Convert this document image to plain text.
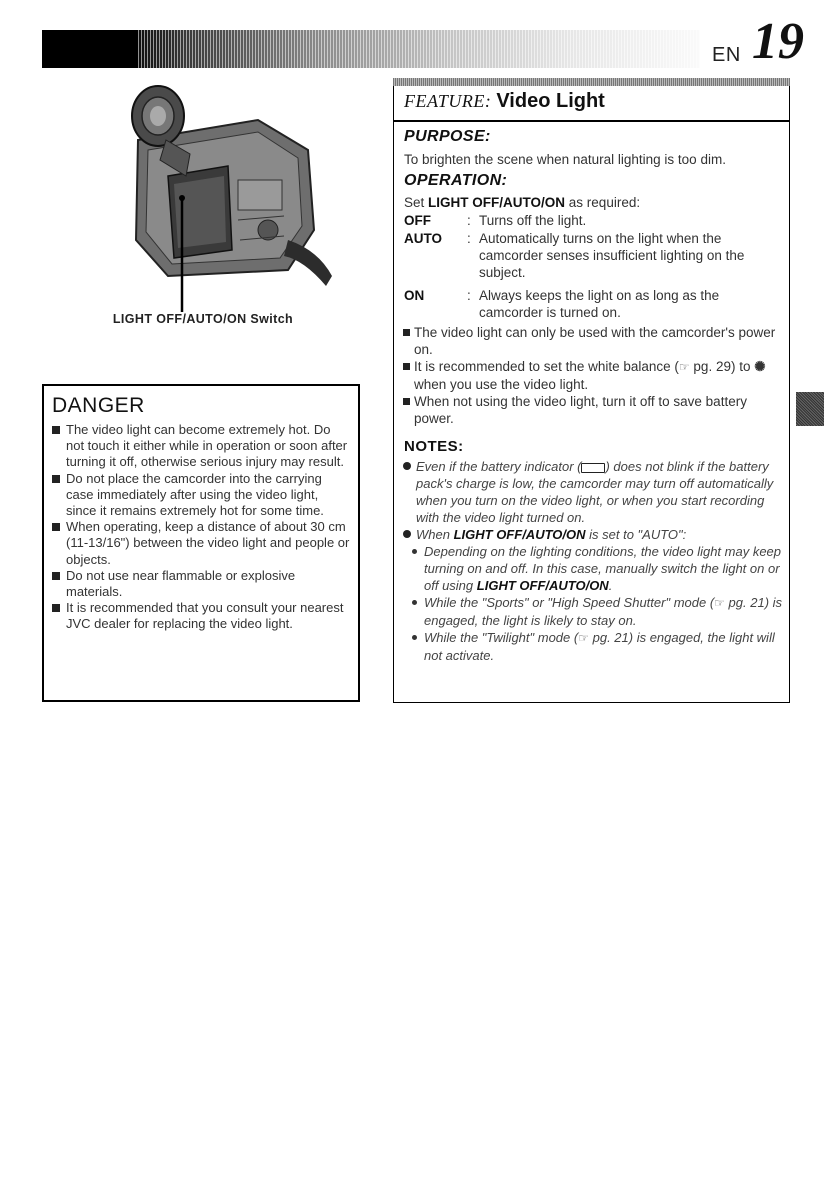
EN 19
LIGHT OFF/AUTO/ON Switch
DANGER
The video light can become extremely hot. Do not touch it either while in operation or soon after turning it off, otherwise serious injury may result.
Do not place the camcorder into the carrying case immediately after using the video light, since it remains extremely hot for some time.
When operating, keep a distance of about 30 cm (11-13/16") between the video light and people or objects.
Do not use near flammable or explosive materials.
It is recommended that you consult your nearest JVC dealer for replacing the video light.
FEATURE: Video Light
PURPOSE:
To brighten the scene when natural lighting is too dim.
OPERATION:
Set LIGHT OFF/AUTO/ON as required:
OFF	: Turns off the light.
AUTO : Automatically turns on the light when the camcorder senses insufficient lighting on the subject.
ON	: Always keeps the light on as long as the camcorder is turned on.
The video light can only be used with the camcorder's power on.
It is recommended to set the white balance (☞ pg. 29) to ✺ when you use the video light.
When not using the video light, turn it off to save battery power.
NOTES:
Even if the battery indicator ( ) does not blink if the battery pack's charge is low, the camcorder may turn off automatically when you turn on the video light, or when you start recording with the video light turned on.
When LIGHT OFF/AUTO/ON is set to "AUTO":
Depending on the lighting conditions, the video light may keep turning on and off. In this case, manually switch the light on or off using LIGHT OFF/AUTO/ON.
While the "Sports" or "High Speed Shutter" mode (☞ pg. 21) is engaged, the light is likely to stay on.
While the "Twilight" mode (☞ pg. 21) is engaged, the light will not activate.
